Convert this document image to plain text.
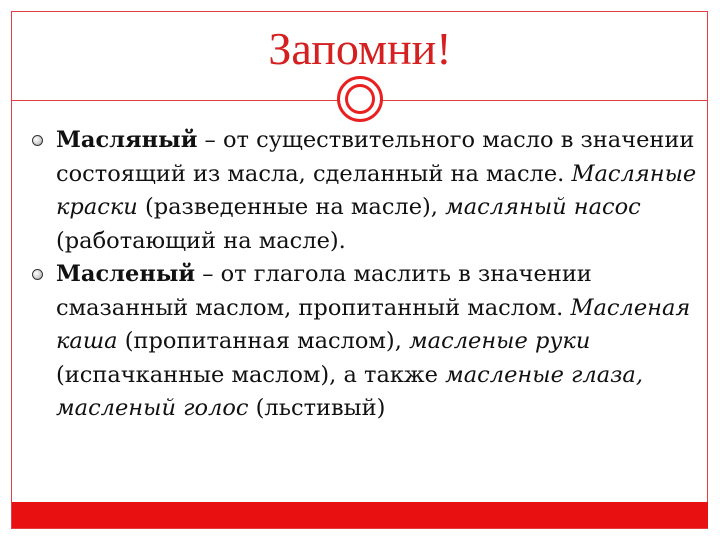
Запомни!
Масляный – от существительного масло в значении состоящий из масла, сделанный на масле. Масляные краски (разведенные на масле), масляный насос (работающий на масле).
Масленый – от глагола маслить в значении смазанный маслом, пропитанный маслом. Масленая каша (пропитанная маслом), масленые руки (испачканные маслом), а также масленые глаза, масленый голос (льстивый)
